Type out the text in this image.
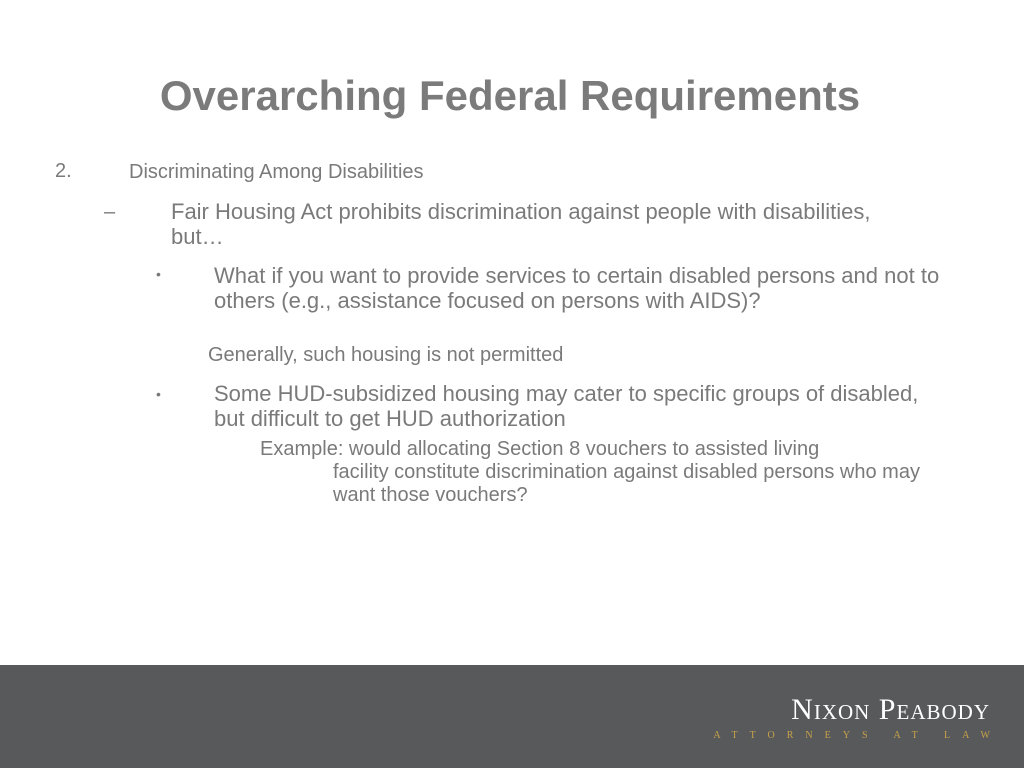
Overarching Federal Requirements
2.	Discriminating Among Disabilities
–	Fair Housing Act prohibits discrimination against people with disabilities, but…
• What if you want to provide services to certain disabled persons and not to others (e.g., assistance focused on persons with AIDS)?
Generally, such housing is not permitted
• Some HUD-subsidized housing may cater to specific groups of disabled, but difficult to get HUD authorization
Example: would allocating Section 8 vouchers to assisted living
facility constitute discrimination against disabled persons who may want those vouchers?
Nixon Peabody
ATTORNEYS AT LAW
